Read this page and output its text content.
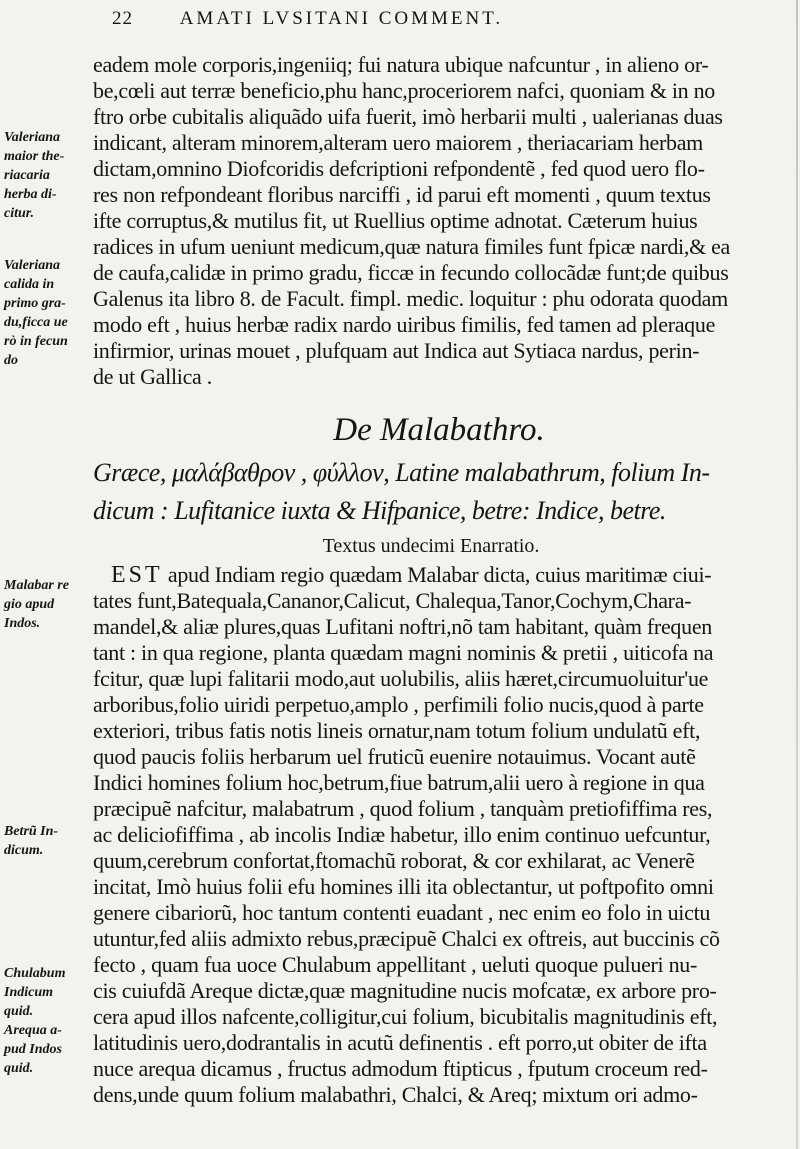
22 AMATI LVSITANI COMMENT.
Valeriana
maior the-
riacaria
herba di-
citur.
Valeriana
calida in
primo gra-
du,ficca ue
rò in fecun
do
Malabar re
gio apud
Indos.
Betrũ In-
dicum.
Chulabum
Indicum
quid.
Arequa a-
pud Indos
quid.
eadem mole corporis,ingeniiq; fui natura ubique nafcuntur , in alieno or-
be,cœli aut terræ beneficio,phu hanc,proceriorem nafci, quoniam & in no
ftro orbe cubitalis aliquãdo uifa fuerit, imò herbarii multi , ualerianas duas
indicant, alteram minorem,alteram uero maiorem , theriacariam herbam
dictam,omnino Diofcoridis defcriptioni refpondentẽ , fed quod uero flo-
res non refpondeant floribus narciffi , id parui eft momenti , quum textus
ifte corruptus,& mutilus fit, ut Ruellius optime adnotat. Cæterum huius
radices in ufum ueniunt medicum,quæ natura fimiles funt fpicæ nardi,& ea
de caufa,calidæ in primo gradu, ficcæ in fecundo collocãdæ funt;de quibus
Galenus ita libro 8. de Facult. fimpl. medic. loquitur : phu odorata quodam
modo eft , huius herbæ radix nardo uiribus fimilis, fed tamen ad pleraque
infirmior, urinas mouet , plufquam aut Indica aut Sytiaca nardus, perin-
de ut Gallica .
De Malabathro.
Græce, μαλάβαθρον , φύλλον, Latine malabathrum, folium In-
dicum : Lufitanice iuxta & Hifpanice, betre: Indice, betre.
Textus undecimi Enarratio.
EST apud Indiam regio quædam Malabar dicta, cuius maritimæ ciui-
tates funt,Batequala,Cananor,Calicut, Chalequa,Tanor,Cochym,Chara-
mandel,& aliæ plures,quas Lufitani noftri,nõ tam habitant, quàm frequen
tant : in qua regione, planta quædam magni nominis & pretii , uiticofa na
fcitur, quæ lupi falitarii modo,aut uolubilis, aliis hæret,circumuoluitur'ue
arboribus,folio uiridi perpetuo,amplo , perfimili folio nucis,quod à parte
exteriori, tribus fatis notis lineis ornatur,nam totum folium undulatũ eft,
quod paucis foliis herbarum uel fruticũ euenire notauimus. Vocant autẽ
Indici homines folium hoc,betrum,fiue batrum,alii uero à regione in qua
præcipuẽ nafcitur, malabatrum , quod folium , tanquàm pretiofiffima res,
ac deliciofiffima , ab incolis Indiæ habetur, illo enim continuo uefcuntur,
quum,cerebrum confortat,ftomachũ roborat, & cor exhilarat, ac Venerẽ
incitat, Imò huius folii efu homines illi ita oblectantur, ut poftpofito omni
genere cibariorũ, hoc tantum contenti euadant , nec enim eo folo in uictu
utuntur,fed aliis admixto rebus,præcipuẽ Chalci ex oftreis, aut buccinis cõ
fecto , quam fua uoce Chulabum appellitant , ueluti quoque pulueri nu-
cis cuiufdã Areque dictæ,quæ magnitudine nucis mofcatæ, ex arbore pro-
cera apud illos nafcente,colligitur,cui folium, bicubitalis magnitudinis eft,
latitudinis uero,dodrantalis in acutũ definentis . eft porro,ut obiter de ifta
nuce arequa dicamus , fructus admodum ftipticus , fputum croceum red-
dens,unde quum folium malabathri, Chalci, & Areq; mixtum ori admo-
